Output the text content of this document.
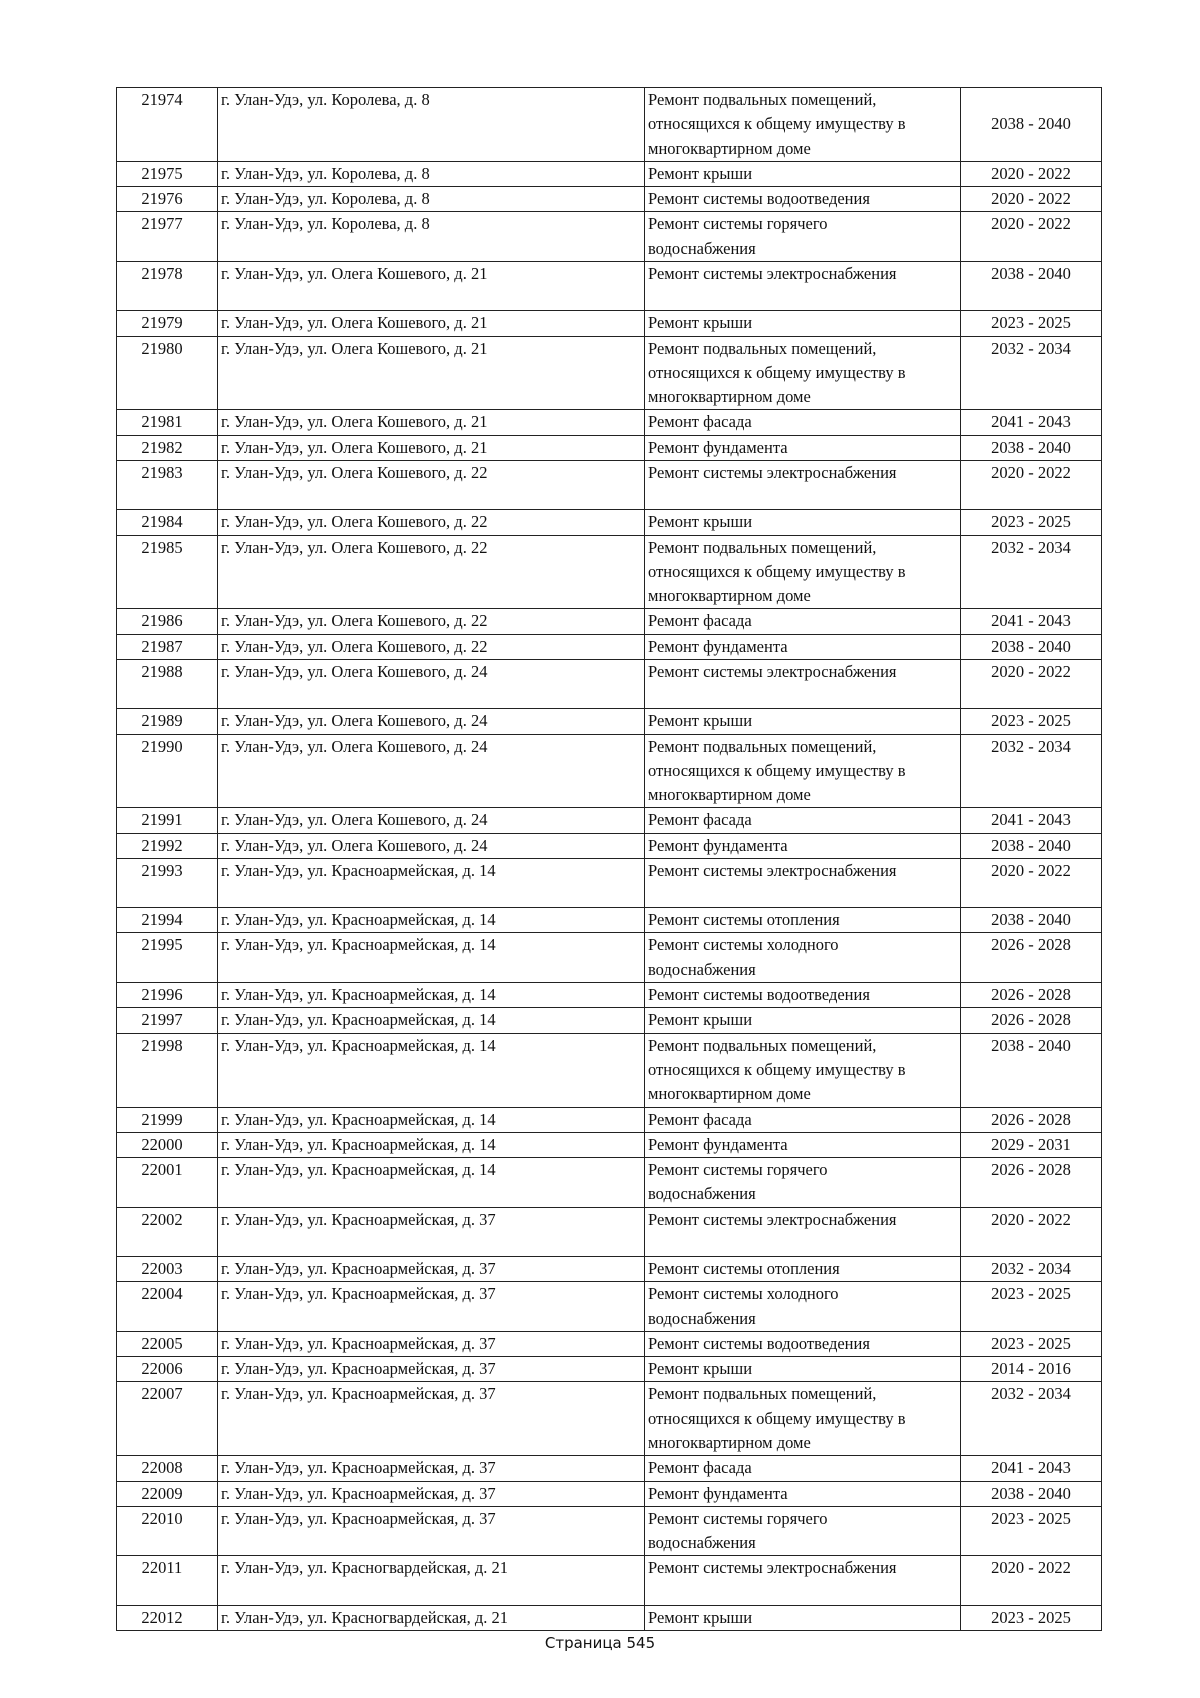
21974	г. Улан-Удэ, ул. Королева, д. 8	Ремонт подвальных помещений,
относящихся к общему имуществу в
многоквартирном доме	2038 - 2040
21975	г. Улан-Удэ, ул. Королева, д. 8	Ремонт крыши	2020 - 2022
21976	г. Улан-Удэ, ул. Королева, д. 8	Ремонт системы водоотведения	2020 - 2022
21977	г. Улан-Удэ, ул. Королева, д. 8	Ремонт системы горячего
водоснабжения	2020 - 2022
21978	г. Улан-Удэ, ул. Олега Кошевого, д. 21	Ремонт системы электроснабжения	2038 - 2040
21979	г. Улан-Удэ, ул. Олега Кошевого, д. 21	Ремонт крыши	2023 - 2025
21980	г. Улан-Удэ, ул. Олега Кошевого, д. 21	Ремонт подвальных помещений,
относящихся к общему имуществу в
многоквартирном доме	2032 - 2034
21981	г. Улан-Удэ, ул. Олега Кошевого, д. 21	Ремонт фасада	2041 - 2043
21982	г. Улан-Удэ, ул. Олега Кошевого, д. 21	Ремонт фундамента	2038 - 2040
21983	г. Улан-Удэ, ул. Олега Кошевого, д. 22	Ремонт системы электроснабжения	2020 - 2022
21984	г. Улан-Удэ, ул. Олега Кошевого, д. 22	Ремонт крыши	2023 - 2025
21985	г. Улан-Удэ, ул. Олега Кошевого, д. 22	Ремонт подвальных помещений,
относящихся к общему имуществу в
многоквартирном доме	2032 - 2034
21986	г. Улан-Удэ, ул. Олега Кошевого, д. 22	Ремонт фасада	2041 - 2043
21987	г. Улан-Удэ, ул. Олега Кошевого, д. 22	Ремонт фундамента	2038 - 2040
21988	г. Улан-Удэ, ул. Олега Кошевого, д. 24	Ремонт системы электроснабжения	2020 - 2022
21989	г. Улан-Удэ, ул. Олега Кошевого, д. 24	Ремонт крыши	2023 - 2025
21990	г. Улан-Удэ, ул. Олега Кошевого, д. 24	Ремонт подвальных помещений,
относящихся к общему имуществу в
многоквартирном доме	2032 - 2034
21991	г. Улан-Удэ, ул. Олега Кошевого, д. 24	Ремонт фасада	2041 - 2043
21992	г. Улан-Удэ, ул. Олега Кошевого, д. 24	Ремонт фундамента	2038 - 2040
21993	г. Улан-Удэ, ул. Красноармейская, д. 14	Ремонт системы электроснабжения	2020 - 2022
21994	г. Улан-Удэ, ул. Красноармейская, д. 14	Ремонт системы отопления	2038 - 2040
21995	г. Улан-Удэ, ул. Красноармейская, д. 14	Ремонт системы холодного
водоснабжения	2026 - 2028
21996	г. Улан-Удэ, ул. Красноармейская, д. 14	Ремонт системы водоотведения	2026 - 2028
21997	г. Улан-Удэ, ул. Красноармейская, д. 14	Ремонт крыши	2026 - 2028
21998	г. Улан-Удэ, ул. Красноармейская, д. 14	Ремонт подвальных помещений,
относящихся к общему имуществу в
многоквартирном доме	2038 - 2040
21999	г. Улан-Удэ, ул. Красноармейская, д. 14	Ремонт фасада	2026 - 2028
22000	г. Улан-Удэ, ул. Красноармейская, д. 14	Ремонт фундамента	2029 - 2031
22001	г. Улан-Удэ, ул. Красноармейская, д. 14	Ремонт системы горячего
водоснабжения	2026 - 2028
22002	г. Улан-Удэ, ул. Красноармейская, д. 37	Ремонт системы электроснабжения	2020 - 2022
22003	г. Улан-Удэ, ул. Красноармейская, д. 37	Ремонт системы отопления	2032 - 2034
22004	г. Улан-Удэ, ул. Красноармейская, д. 37	Ремонт системы холодного
водоснабжения	2023 - 2025
22005	г. Улан-Удэ, ул. Красноармейская, д. 37	Ремонт системы водоотведения	2023 - 2025
22006	г. Улан-Удэ, ул. Красноармейская, д. 37	Ремонт крыши	2014 - 2016
22007	г. Улан-Удэ, ул. Красноармейская, д. 37	Ремонт подвальных помещений,
относящихся к общему имуществу в
многоквартирном доме	2032 - 2034
22008	г. Улан-Удэ, ул. Красноармейская, д. 37	Ремонт фасада	2041 - 2043
22009	г. Улан-Удэ, ул. Красноармейская, д. 37	Ремонт фундамента	2038 - 2040
22010	г. Улан-Удэ, ул. Красноармейская, д. 37	Ремонт системы горячего
водоснабжения	2023 - 2025
22011	г. Улан-Удэ, ул. Красногвардейская, д. 21	Ремонт системы электроснабжения	2020 - 2022
22012	г. Улан-Удэ, ул. Красногвардейская, д. 21	Ремонт крыши	2023 - 2025
Страница 545
